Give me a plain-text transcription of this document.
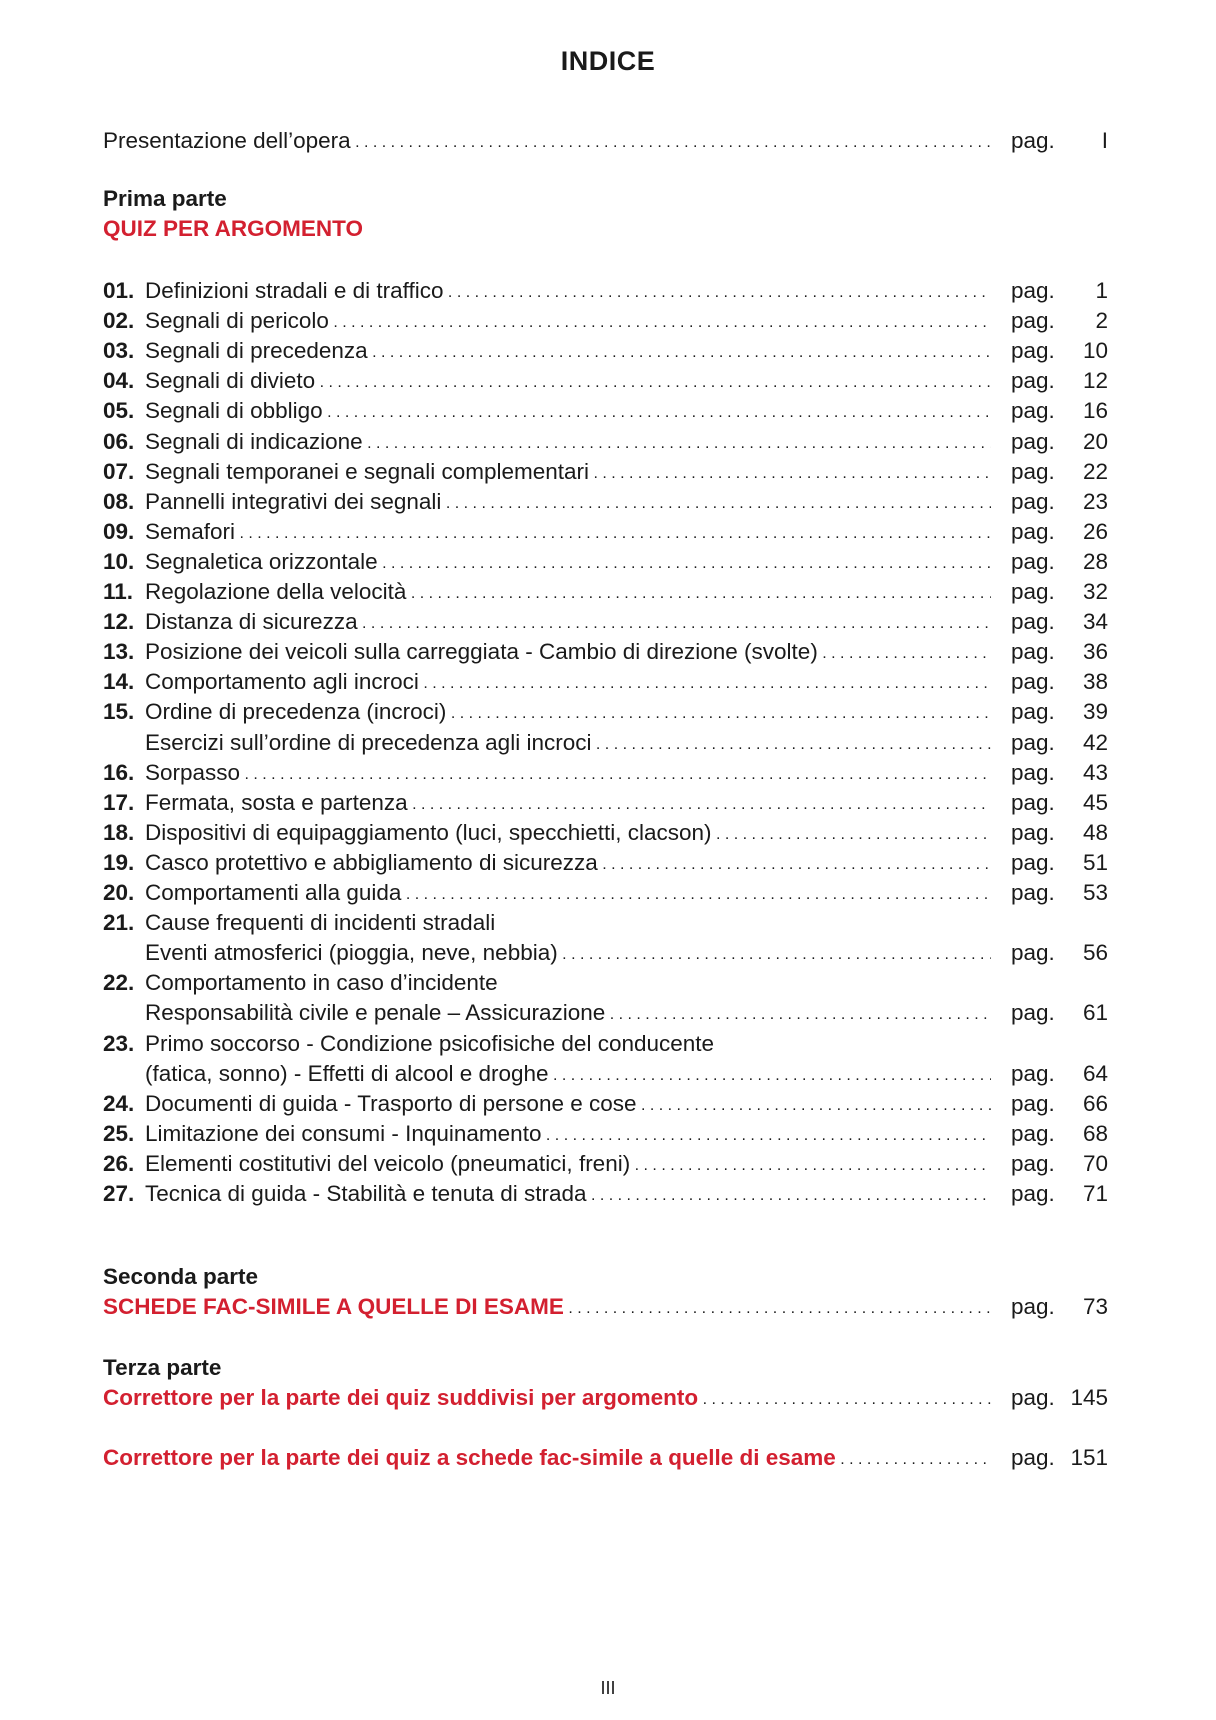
INDICE
Presentazione dell’opera . . .	pag. I
Prima parte
QUIZ PER ARGOMENTO
01. Definizioni stradali e di traffico . . .	pag. 1
02. Segnali di pericolo . . .	pag. 2
03. Segnali di precedenza . . .	pag. 10
04. Segnali di divieto . . .	pag. 12
05. Segnali di obbligo . . .	pag. 16
06. Segnali di indicazione . . .	pag. 20
07. Segnali temporanei e segnali complementari . . .	pag. 22
08. Pannelli integrativi dei segnali . . .	pag. 23
09. Semafori . . .	pag. 26
10. Segnaletica orizzontale . . .	pag. 28
11. Regolazione della velocità . . .	pag. 32
12. Distanza di sicurezza . . .	pag. 34
13. Posizione dei veicoli sulla carreggiata - Cambio di direzione (svolte) . . .	pag. 36
14. Comportamento agli incroci . . .	pag. 38
15. Ordine di precedenza (incroci) . . .	pag. 39
Esercizi sull’ordine di precedenza agli incroci . . .	pag. 42
16. Sorpasso . . .	pag. 43
17. Fermata, sosta e partenza . . .	pag. 45
18. Dispositivi di equipaggiamento (luci, specchietti, clacson) . . .	pag. 48
19. Casco protettivo e abbigliamento di sicurezza . . .	pag. 51
20. Comportamenti alla guida . . .	pag. 53
21. Cause frequenti di incidenti stradali
Eventi atmosferici (pioggia, neve, nebbia) . . .	pag. 56
22. Comportamento in caso d’incidente
Responsabilità civile e penale – Assicurazione . . .	pag. 61
23. Primo soccorso - Condizione psicofisiche del conducente
(fatica, sonno) - Effetti di alcool e droghe . . .	pag. 64
24. Documenti di guida - Trasporto di persone e cose . . .	pag. 66
25. Limitazione dei consumi - Inquinamento . . .	pag. 68
26. Elementi costitutivi del veicolo (pneumatici, freni) . . .	pag. 70
27. Tecnica di guida - Stabilità e tenuta di strada . . .	pag. 71
Seconda parte
SCHEDE FAC-SIMILE A QUELLE DI ESAME . . .	pag. 73
Terza parte
Correttore per la parte dei quiz suddivisi per argomento . . .	pag. 145
Correttore per la parte dei quiz a schede fac-simile a quelle di esame . . .	pag. 151
III
